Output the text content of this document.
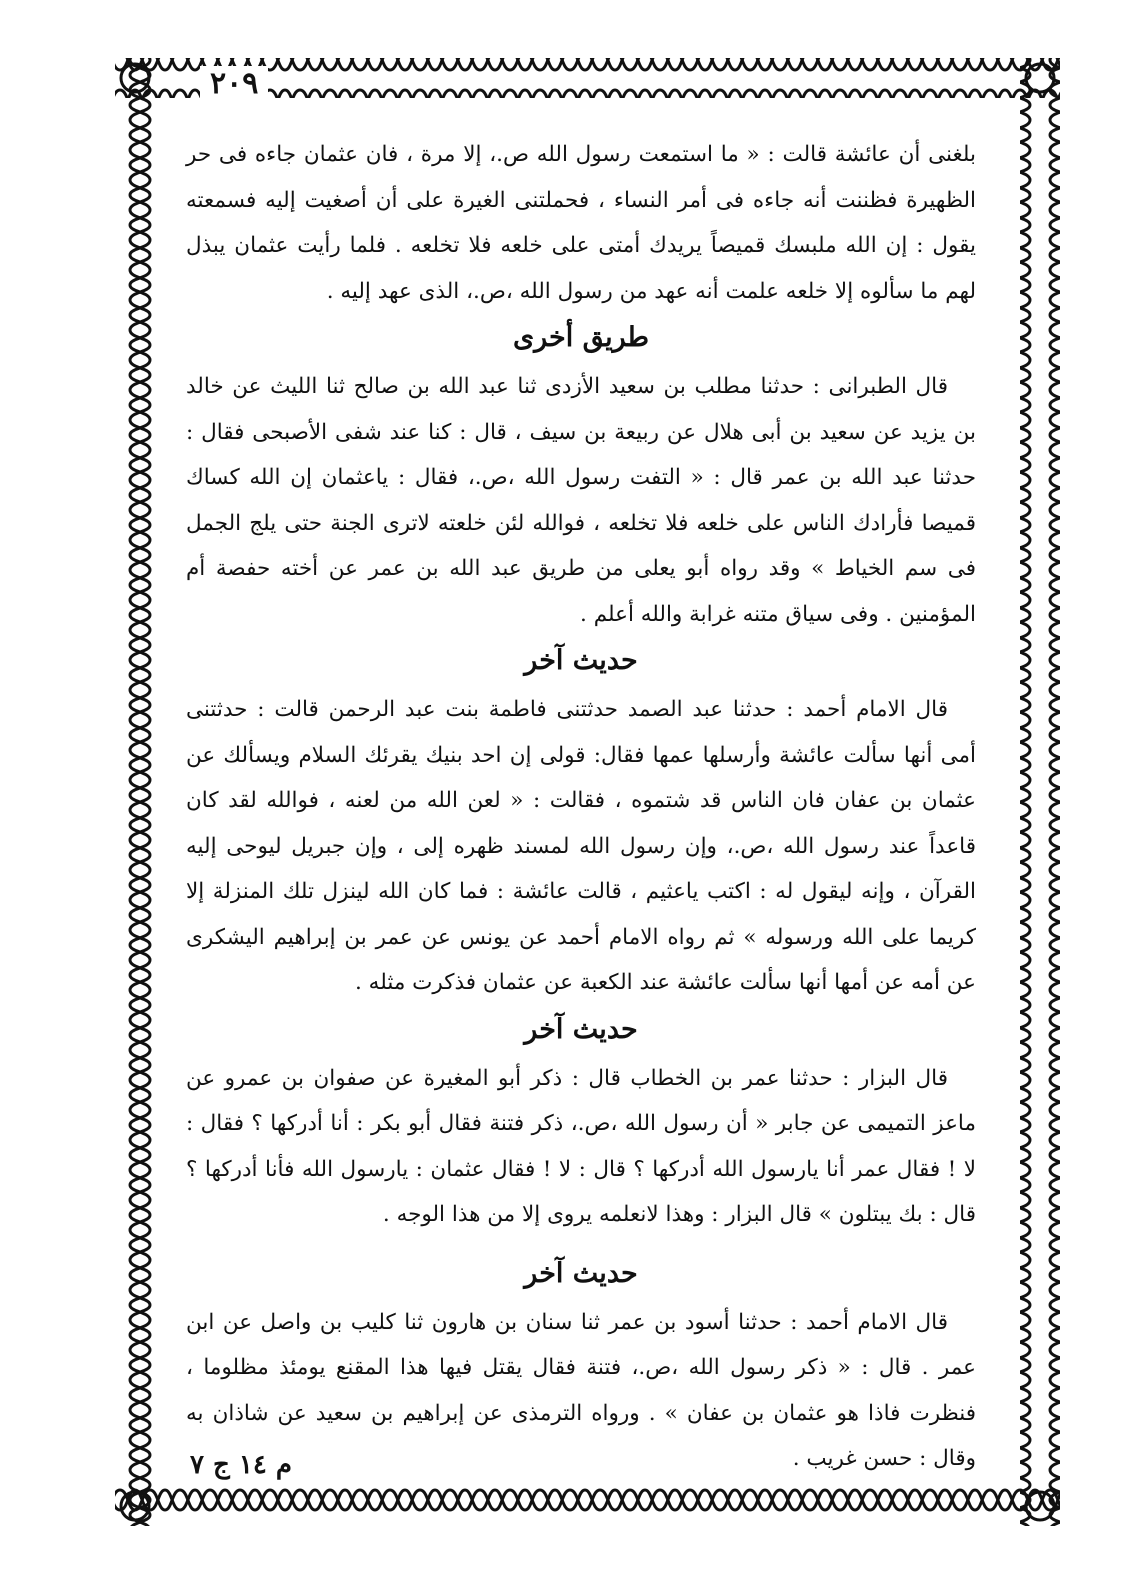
٢٠٩

بلغنى أن عائشة قالت : « ما استمعت رسول الله ص.، إلا مرة ، فان عثمان جاءه فى حر الظهيرة فظننت أنه جاءه فى أمر النساء ، فحملتنى الغيرة على أن أصغيت إليه فسمعته يقول : إن الله ملبسك قميصاً يريدك أمتى على خلعه فلا تخلعه . فلما رأيت عثمان يبذل لهم ما سألوه إلا خلعه علمت أنه عهد من رسول الله ،ص.، الذى عهد إليه .

طريق أخرى

قال الطبرانى : حدثنا مطلب بن سعيد الأزدى ثنا عبد الله بن صالح ثنا الليث عن خالد بن يزيد عن سعيد بن أبى هلال عن ربيعة بن سيف ، قال : كنا عند شفى الأصبحى فقال : حدثنا عبد الله بن عمر قال : « التفت رسول الله ،ص.، فقال : ياعثمان إن الله كساك قميصا فأرادك الناس على خلعه فلا تخلعه ، فوالله لئن خلعته لاترى الجنة حتى يلج الجمل فى سم الخياط » وقد رواه أبو يعلى من طريق عبد الله بن عمر عن أخته حفصة أم المؤمنين . وفى سياق متنه غرابة والله أعلم .

حديث آخر

قال الامام أحمد : حدثنا عبد الصمد حدثتنى فاطمة بنت عبد الرحمن قالت : حدثتنى أمى أنها سألت عائشة وأرسلها عمها فقال: قولى إن احد بنيك يقرئك السلام ويسألك عن عثمان بن عفان فان الناس قد شتموه ، فقالت : « لعن الله من لعنه ، فوالله لقد كان قاعداً عند رسول الله ،ص.، وإن رسول الله لمسند ظهره إلى ، وإن جبريل ليوحى إليه القرآن ، وإنه ليقول له : اكتب ياعثيم ، قالت عائشة : فما كان الله لينزل تلك المنزلة إلا كريما على الله ورسوله » ثم رواه الامام أحمد عن يونس عن عمر بن إبراهيم اليشكرى عن أمه عن أمها أنها سألت عائشة عند الكعبة عن عثمان فذكرت مثله .

حديث آخر

قال البزار : حدثنا عمر بن الخطاب قال : ذكر أبو المغيرة عن صفوان بن عمرو عن ماعز التميمى عن جابر « أن رسول الله ،ص.، ذكر فتنة فقال أبو بكر : أنا أدركها ؟ فقال : لا ! فقال عمر أنا يارسول الله أدركها ؟ قال : لا ! فقال عثمان : يارسول الله فأنا أدركها ؟ قال : بك يبتلون » قال البزار : وهذا لانعلمه يروى إلا من هذا الوجه .

حديث آخر

قال الامام أحمد : حدثنا أسود بن عمر ثنا سنان بن هارون ثنا كليب بن واصل عن ابن عمر . قال : « ذكر رسول الله ،ص.، فتنة فقال يقتل فيها هذا المقنع يومئذ مظلوما ، فنظرت فاذا هو عثمان بن عفان » . ورواه الترمذى عن إبراهيم بن سعيد عن شاذان به وقال : حسن غريب .

م ١٤ ج ٧
